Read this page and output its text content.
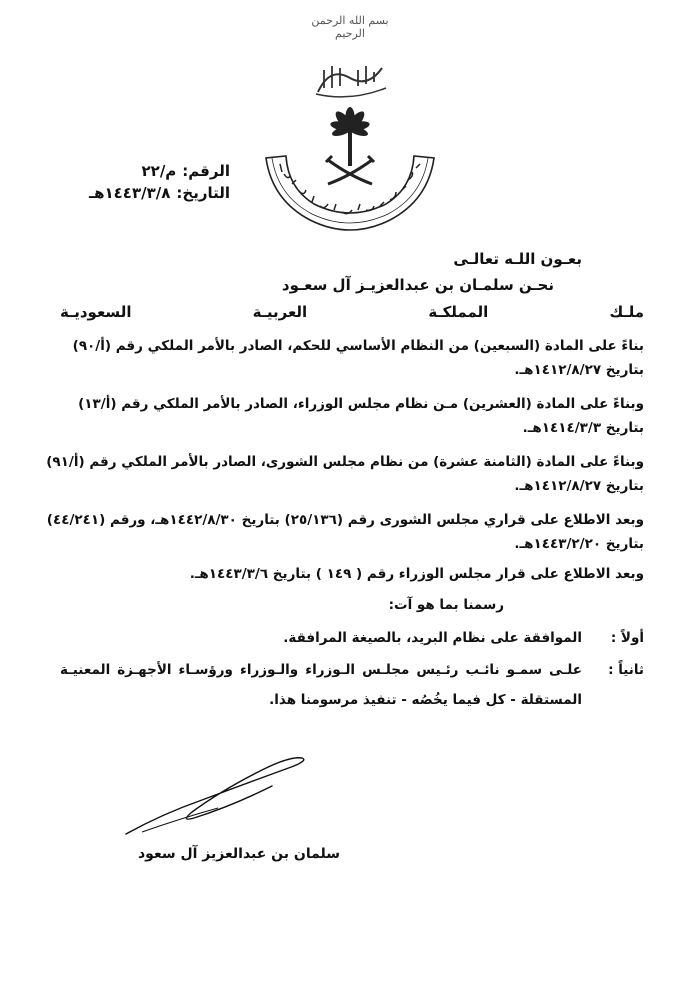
بسم الله الرحمن الرحيم
الرقم:م/٢٢
التاريخ:١٤٤٣/٣/٨هـ
بعـون اللـه تعالـى
نحـن سلمـان بن عبدالعزيـز آل سعـود
ملـك المملكـة العربيـة السعوديـة
بناءً على المادة (السبعين) من النظام الأساسي للحكم، الصادر بالأمر الملكي رقم (أ/٩٠)
بتاريخ ١٤١٢/٨/٢٧هـ.
وبناءً على المادة (العشرين) مـن نظام مجلس الوزراء، الصادر بالأمر الملكي رقم (أ/١٣)
بتاريخ ١٤١٤/٣/٣هـ.
وبناءً على المادة (الثامنة عشرة) من نظام مجلس الشورى، الصادر بالأمر الملكي رقم (أ/٩١)
بتاريخ ١٤١٢/٨/٢٧هـ.
وبعد الاطلاع على قراري مجلس الشورى رقم (٢٥/١٣٦) بتاريخ ١٤٤٢/٨/٣٠هـ، ورقم (٤٤/٢٤١)
بتاريخ ١٤٤٣/٢/٢٠هـ.
وبعد الاطلاع على قرار مجلس الوزراء رقم ( ١٤٩ ) بتاريخ ١٤٤٣/٣/٦هـ.
رسمنا بما هو آت:
أولاً :
الموافقة على نظام البريد، بالصيغة المرافقة.
ثانياً :
علـى سمـو نائـب رئـيس مجلـس الـوزراء والـوزراء ورؤسـاء الأجهـزة المعنيـة
المستقلة - كل فيما يخُصُه - تنفيذ مرسومنا هذا.
سلمان بن عبدالعزيز آل سعود
